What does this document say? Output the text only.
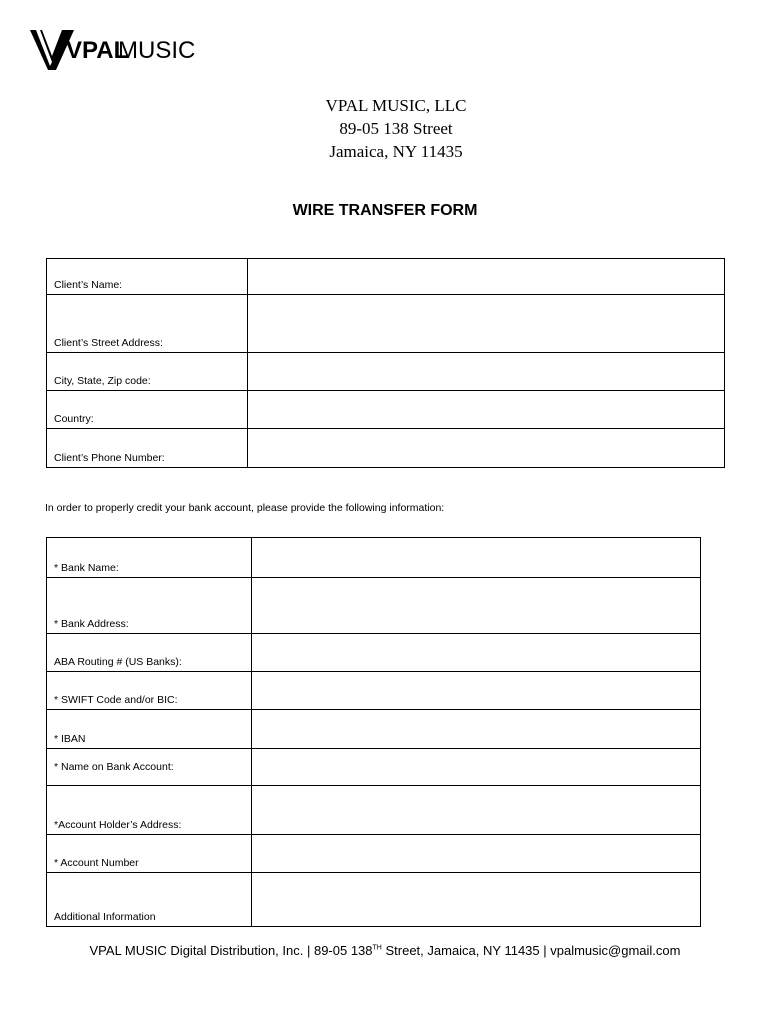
VPAL
MUSIC
VPAL MUSIC, LLC
89-05 138 Street
Jamaica, NY 11435
WIRE TRANSFER FORM
Client’s Name:	
Client’s Street Address:	
City, State, Zip code:	
Country:	
Client’s Phone Number:	
In order to properly credit your bank account, please provide the following information:
* Bank Name:	
* Bank Address:	
ABA Routing # (US Banks):	
* SWIFT Code and/or BIC:	
* IBAN	
* Name on Bank Account:	
*Account Holder’s Address:	
* Account Number	
Additional Information	
VPAL MUSIC Digital Distribution, Inc. | 89-05 138TH Street, Jamaica, NY 11435 | vpalmusic@gmail.com
